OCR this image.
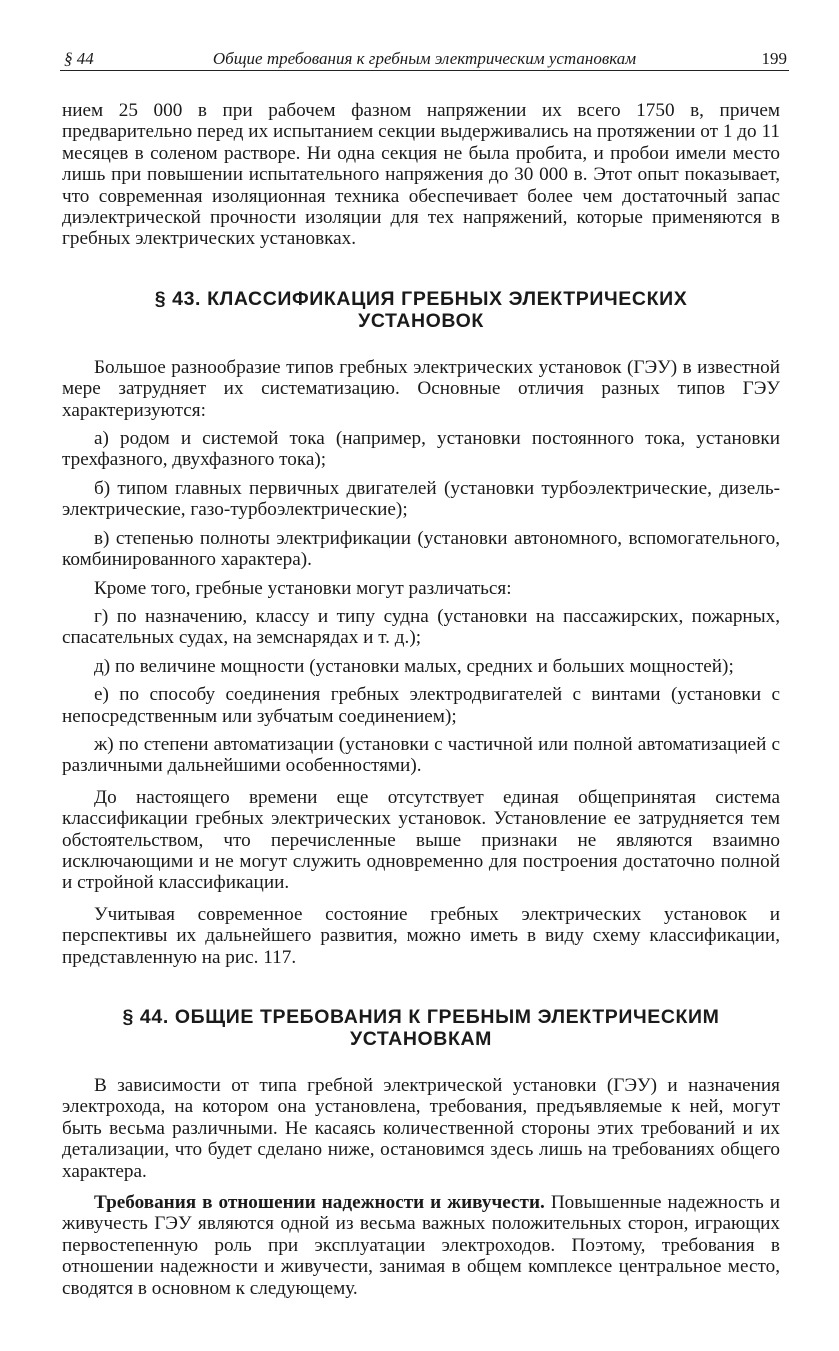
§ 44	Общие требования к гребным электрическим установкам	199

нием 25 000 в при рабочем фазном напряжении их всего 1750 в, причем предварительно перед их испытанием секции выдерживались на протяжении от 1 до 11 месяцев в соленом растворе. Ни одна секция не была пробита, и пробои имели место лишь при повышении испытательного напряжения до 30 000 в. Этот опыт показывает, что современная изоляционная техника обеспечивает более чем достаточный запас диэлектрической прочности изоляции для тех напряжений, которые применяются в гребных электрических установках.

§ 43. КЛАССИФИКАЦИЯ ГРЕБНЫХ ЭЛЕКТРИЧЕСКИХ
УСТАНОВОК

Большое разнообразие типов гребных электрических установок (ГЭУ) в известной мере затрудняет их систематизацию. Основные отличия разных типов ГЭУ характеризуются:

а) родом и системой тока (например, установки постоянного тока, установки трехфазного, двухфазного тока);

б) типом главных первичных двигателей (установки турбоэлектрические, дизель-электрические, газо-турбоэлектрические);

в) степенью полноты электрификации (установки автономного, вспомогательного, комбинированного характера).

Кроме того, гребные установки могут различаться:

г) по назначению, классу и типу судна (установки на пассажирских, пожарных, спасательных судах, на земснарядах и т. д.);

д) по величине мощности (установки малых, средних и больших мощностей);

е) по способу соединения гребных электродвигателей с винтами (установки с непосредственным или зубчатым соединением);

ж) по степени автоматизации (установки с частичной или полной автоматизацией с различными дальнейшими особенностями).

До настоящего времени еще отсутствует единая общепринятая система классификации гребных электрических установок. Установление ее затрудняется тем обстоятельством, что перечисленные выше признаки не являются взаимно исключающими и не могут служить одновременно для построения достаточно полной и стройной классификации.

Учитывая современное состояние гребных электрических установок и перспективы их дальнейшего развития, можно иметь в виду схему классификации, представленную на рис. 117.

§ 44. ОБЩИЕ ТРЕБОВАНИЯ К ГРЕБНЫМ ЭЛЕКТРИЧЕСКИМ
УСТАНОВКАМ

В зависимости от типа гребной электрической установки (ГЭУ) и назначения электрохода, на котором она установлена, требования, предъявляемые к ней, могут быть весьма различными. Не касаясь количественной стороны этих требований и их детализации, что будет сделано ниже, остановимся здесь лишь на требованиях общего характера.

Требования в отношении надежности и живучести. Повышенные надежность и живучесть ГЭУ являются одной из весьма важных положительных сторон, играющих первостепенную роль при эксплуатации электроходов. Поэтому, требования в отношении надежности и живучести, занимая в общем комплексе центральное место, сводятся в основном к следующему.
